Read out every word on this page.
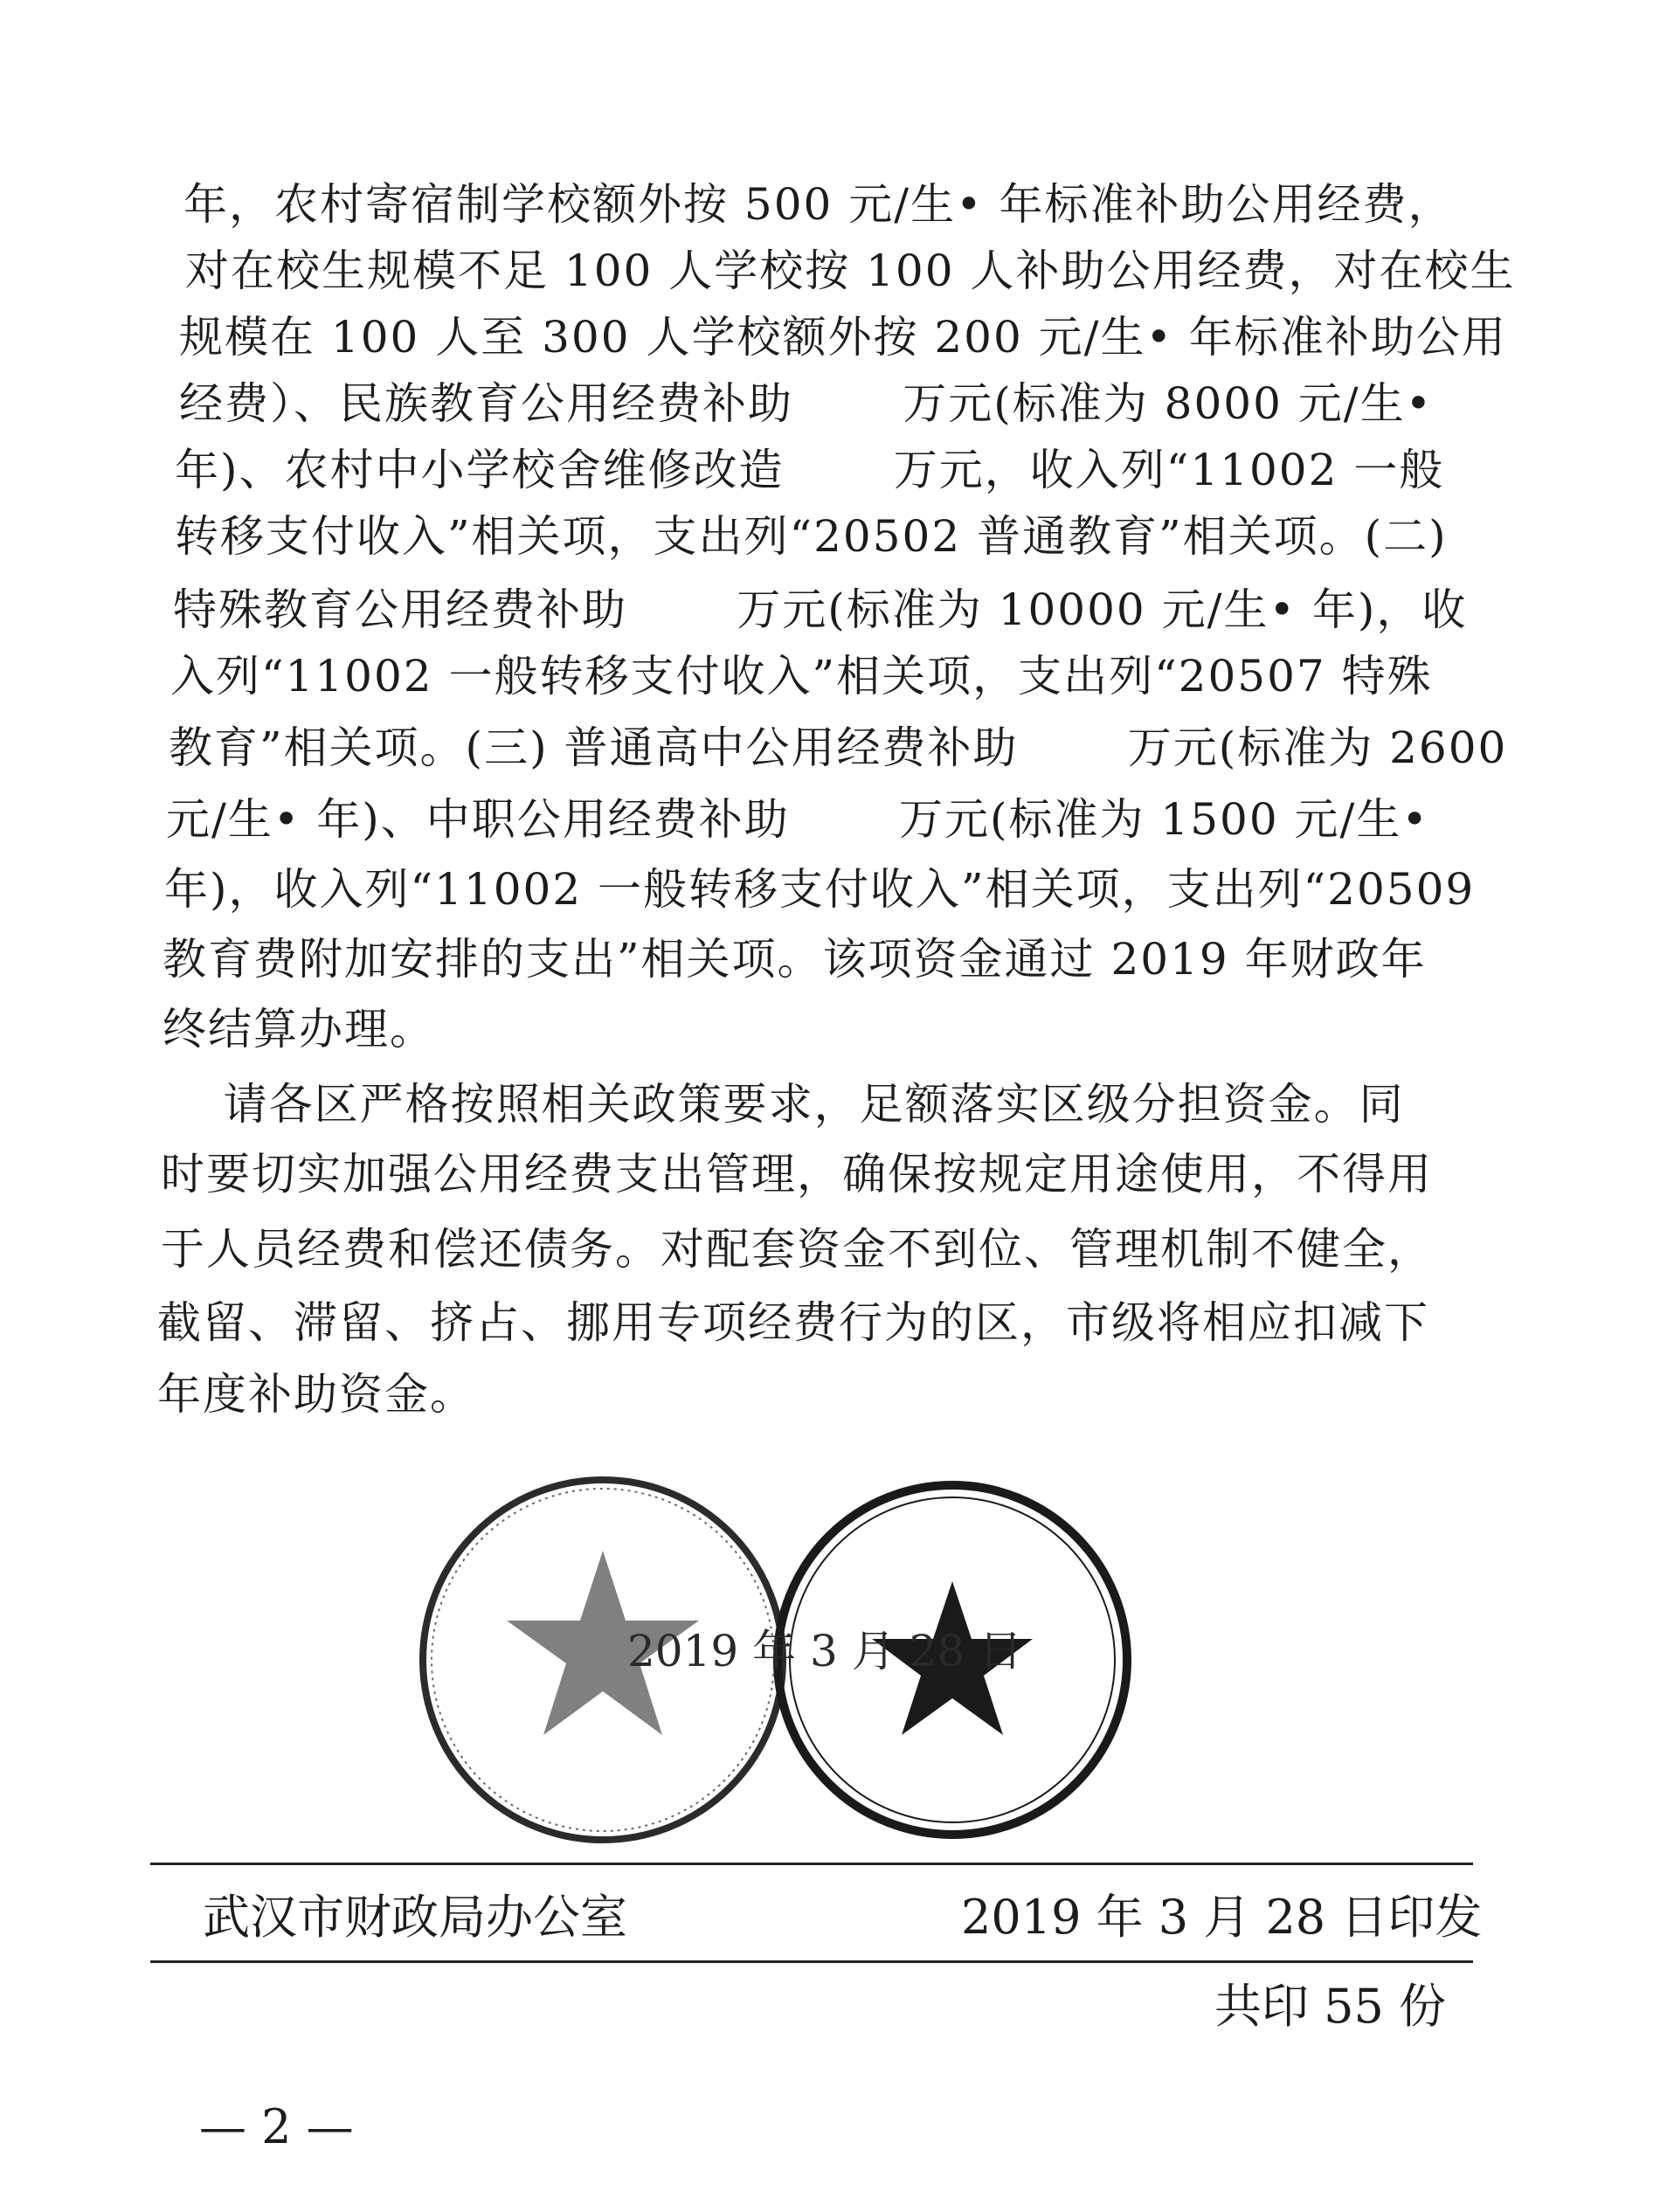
年，农村寄宿制学校额外按 500 元/生• 年标准补助公用经费，

对在校生规模不足 100 人学校按 100 人补助公用经费，对在校生

规模在 100 人至 300 人学校额外按 200 元/生• 年标准补助公用

经费）、民族教育公用经费补助       万元(标准为 8000 元/生•

年)、农村中小学校舍维修改造       万元，收入列“11002 一般

转移支付收入”相关项，支出列“20502 普通教育”相关项。(二)

特殊教育公用经费补助       万元(标准为 10000 元/生• 年)，收

入列“11002 一般转移支付收入”相关项，支出列“20507 特殊

教育”相关项。(三) 普通高中公用经费补助       万元(标准为 2600

元/生• 年)、中职公用经费补助       万元(标准为 1500 元/生•

年)，收入列“11002 一般转移支付收入”相关项，支出列“20509

教育费附加安排的支出”相关项。该项资金通过 2019 年财政年

终结算办理。

请各区严格按照相关政策要求，足额落实区级分担资金。同

时要切实加强公用经费支出管理，确保按规定用途使用，不得用

于人员经费和偿还债务。对配套资金不到位、管理机制不健全，

截留、滞留、挤占、挪用专项经费行为的区，市级将相应扣减下

年度补助资金。

2019 年 3 月 28 日
武汉市财政局办公室	2019 年 3 月 28 日印发
共印 55 份
— 2 —
